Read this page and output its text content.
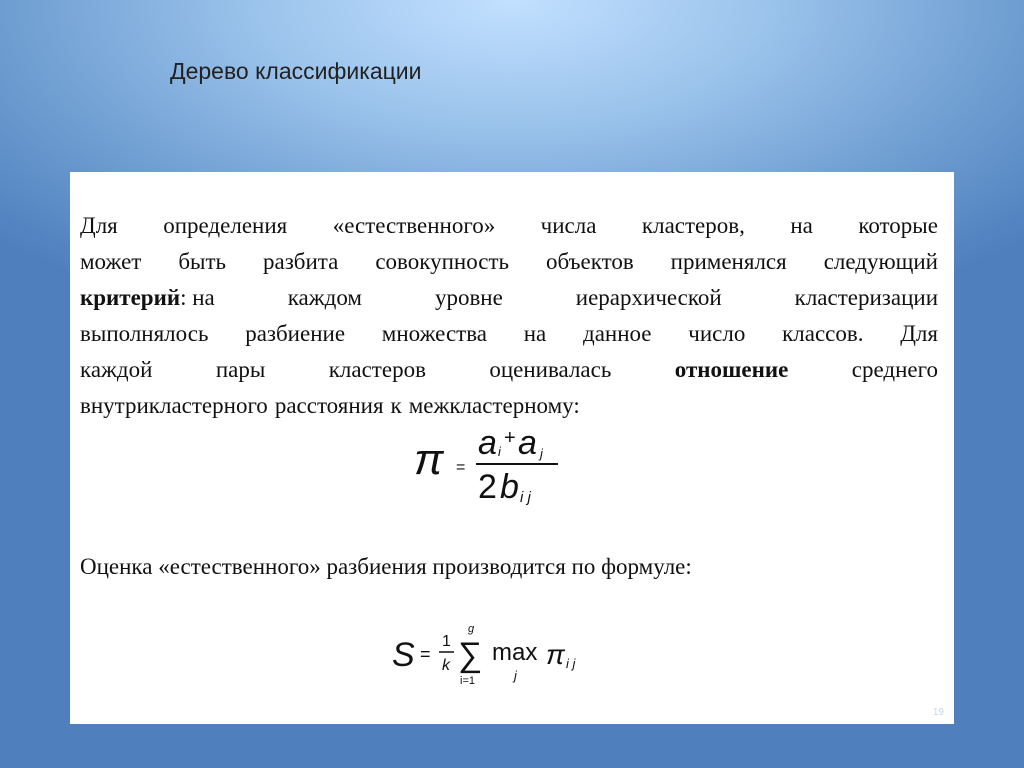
Дерево классификации
Для определения «естественного» числа кластеров, на которые
может быть разбита совокупность объектов применялся следующий
критерий: на	каждом	уровне	иерархической	кластеризации
выполнялось разбиение множества на данное число классов. Для
каждой	пары	кластеров	оценивалась	отношение	среднего
внутрикластерного расстояния к межкластерному:
π =
a i
+ a j
2 b i j
Оценка «естественного» разбиения производится по формуле:
S =
1
k
g
∑
i=1
max
j
π i j
19
